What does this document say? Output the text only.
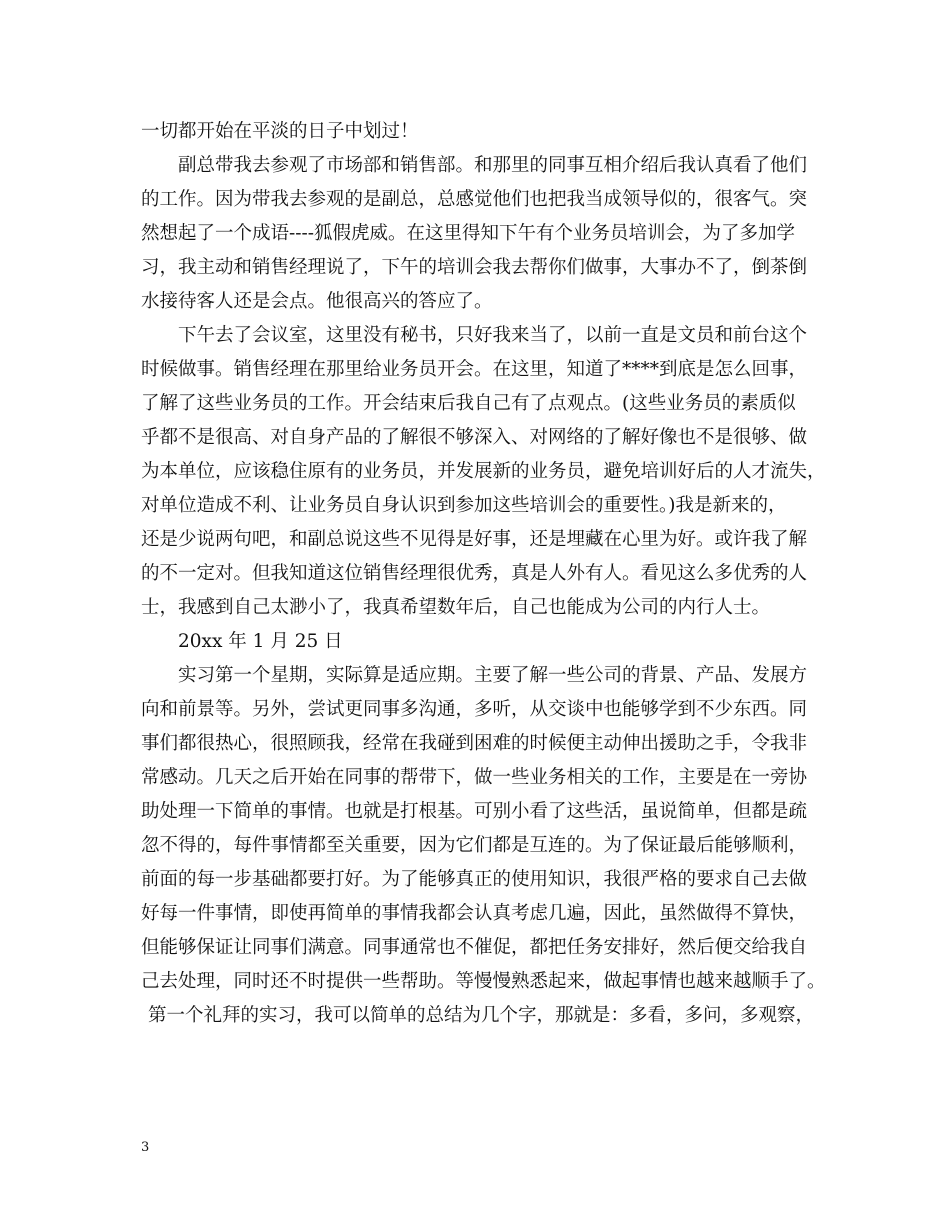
一切都开始在平淡的日子中划过！
副总带我去参观了市场部和销售部。和那里的同事互相介绍后我认真看了他们
的工作。因为带我去参观的是副总，总感觉他们也把我当成领导似的，很客气。突
然想起了一个成语----狐假虎威。在这里得知下午有个业务员培训会，为了多加学
习，我主动和销售经理说了，下午的培训会我去帮你们做事，大事办不了，倒茶倒
水接待客人还是会点。他很高兴的答应了。
下午去了会议室，这里没有秘书，只好我来当了，以前一直是文员和前台这个
时候做事。销售经理在那里给业务员开会。在这里，知道了****到底是怎么回事，
了解了这些业务员的工作。开会结束后我自己有了点观点。(这些业务员的素质似
乎都不是很高、对自身产品的了解很不够深入、对网络的了解好像也不是很够、做
为本单位，应该稳住原有的业务员，并发展新的业务员，避免培训好后的人才流失，
对单位造成不利、让业务员自身认识到参加这些培训会的重要性。)我是新来的，
还是少说两句吧，和副总说这些不见得是好事，还是埋藏在心里为好。或许我了解
的不一定对。但我知道这位销售经理很优秀，真是人外有人。看见这么多优秀的人
士，我感到自己太渺小了，我真希望数年后，自己也能成为公司的内行人士。
20xx 年 1 月 25 日
实习第一个星期，实际算是适应期。主要了解一些公司的背景、产品、发展方
向和前景等。另外，尝试更同事多沟通，多听，从交谈中也能够学到不少东西。同
事们都很热心，很照顾我，经常在我碰到困难的时候便主动伸出援助之手，令我非
常感动。几天之后开始在同事的帮带下，做一些业务相关的工作，主要是在一旁协
助处理一下简单的事情。也就是打根基。可别小看了这些活，虽说简单，但都是疏
忽不得的，每件事情都至关重要，因为它们都是互连的。为了保证最后能够顺利，
前面的每一步基础都要打好。为了能够真正的使用知识，我很严格的要求自己去做
好每一件事情，即使再简单的事情我都会认真考虑几遍，因此，虽然做得不算快，
但能够保证让同事们满意。同事通常也不催促，都把任务安排好，然后便交给我自
己去处理，同时还不时提供一些帮助。等慢慢熟悉起来，做起事情也越来越顺手了。
第一个礼拜的实习，我可以简单的总结为几个字，那就是：多看，多问，多观察，
3
